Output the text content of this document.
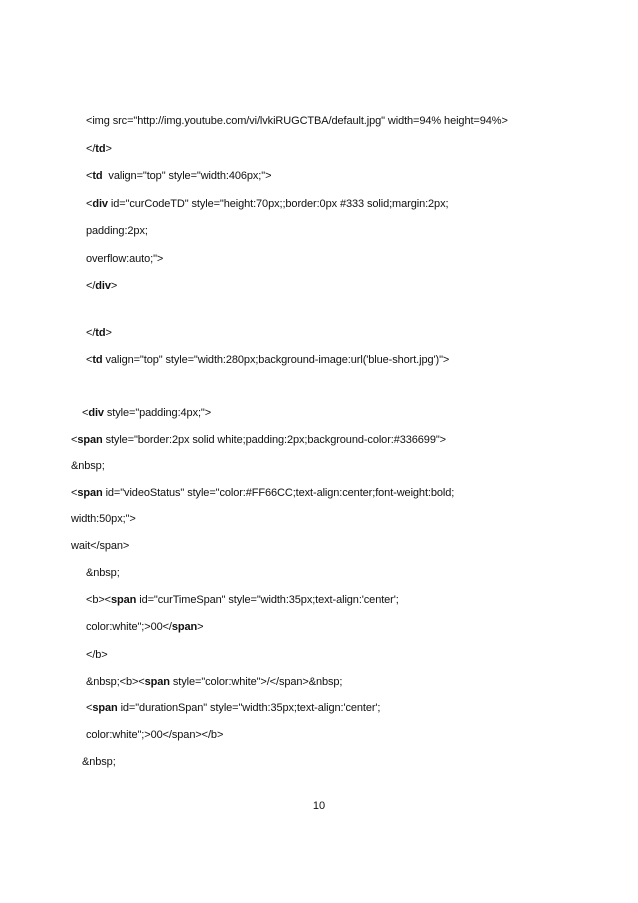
<img src="http://img.youtube.com/vi/lvkiRUGCTBA/default.jpg" width=94% height=94%>
</td>
<td  valign="top" style="width:406px;">
<div id="curCodeTD" style="height:70px;;border:0px #333 solid;margin:2px;
padding:2px;
overflow:auto;">
</div>
</td>
<td valign="top" style="width:280px;background-image:url('blue-short.jpg')">
<div style="padding:4px;">
<span style="border:2px solid white;padding:2px;background-color:#336699">
&nbsp;
<span id="videoStatus" style="color:#FF66CC;text-align:center;font-weight:bold;
width:50px;">
wait</span>
&nbsp;
<b><span id="curTimeSpan" style="width:35px;text-align:'center';
color:white";>00</span>
</b>
&nbsp;<b><span style="color:white">/</span>&nbsp;
<span id="durationSpan" style="width:35px;text-align:'center';
color:white";>00</span></b>
&nbsp;
10
